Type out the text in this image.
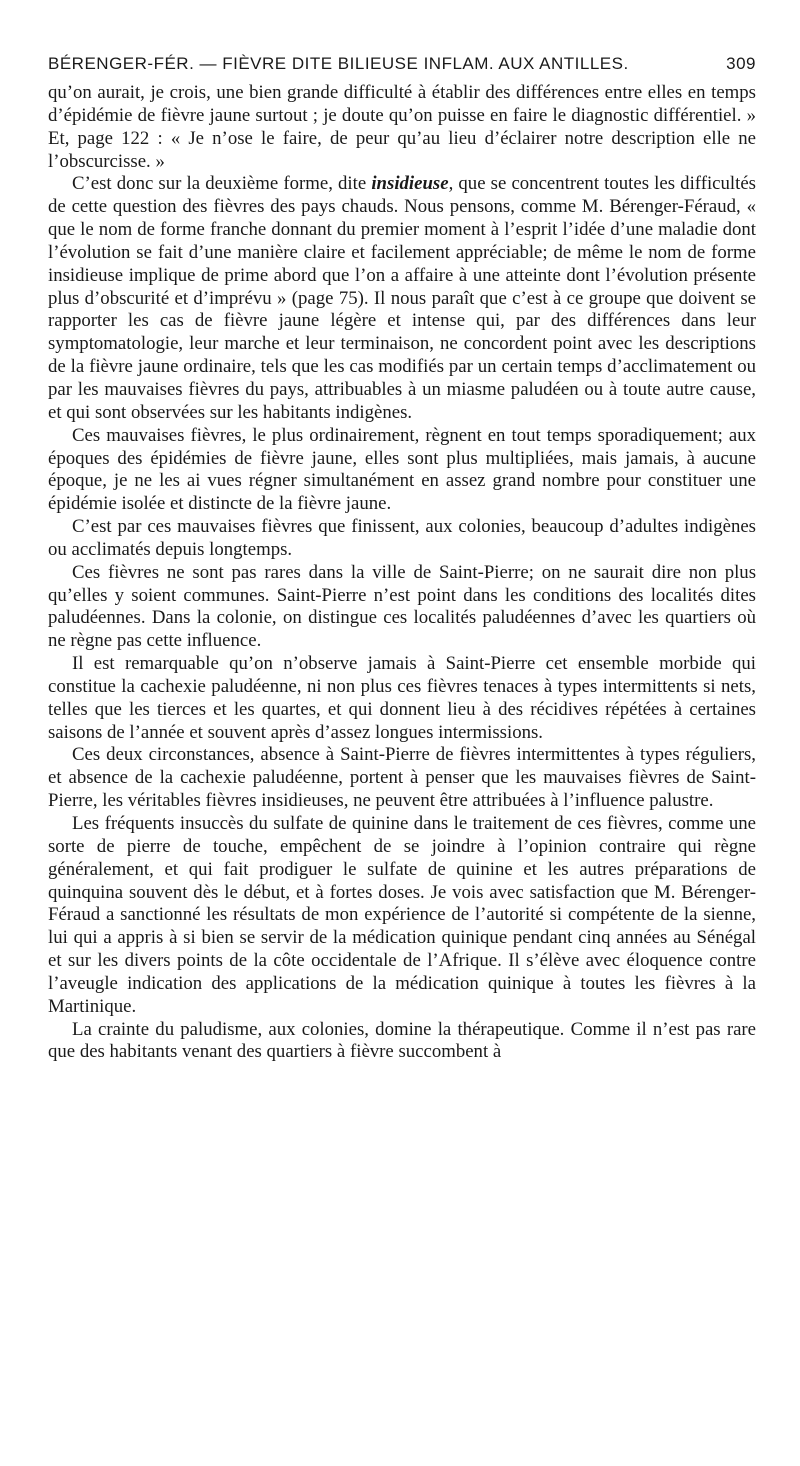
BÉRENGER-FÉR. — FIÈVRE DITE BILIEUSE INFLAM. AUX ANTILLES.	309

qu’on aurait, je crois, une bien grande difficulté à établir des différences entre elles en temps d’épidémie de fièvre jaune surtout ; je doute qu’on puisse en faire le diagnostic différentiel. » Et, page 122 : « Je n’ose le faire, de peur qu’au lieu d’éclairer notre description elle ne l’obscurcisse. »

C’est donc sur la deuxième forme, dite insidieuse, que se concentrent toutes les difficultés de cette question des fièvres des pays chauds. Nous pensons, comme M. Bérenger-Féraud, « que le nom de forme franche donnant du premier moment à l’esprit l’idée d’une maladie dont l’évolution se fait d’une manière claire et facilement appréciable; de même le nom de forme insidieuse implique de prime abord que l’on a affaire à une atteinte dont l’évolution présente plus d’obscurité et d’imprévu » (page 75). Il nous paraît que c’est à ce groupe que doivent se rapporter les cas de fièvre jaune légère et intense qui, par des différences dans leur symptomatologie, leur marche et leur terminaison, ne concordent point avec les descriptions de la fièvre jaune ordinaire, tels que les cas modifiés par un certain temps d’acclimatement ou par les mauvaises fièvres du pays, attribuables à un miasme paludéen ou à toute autre cause, et qui sont observées sur les habitants indigènes.

Ces mauvaises fièvres, le plus ordinairement, règnent en tout temps sporadiquement; aux époques des épidémies de fièvre jaune, elles sont plus multipliées, mais jamais, à aucune époque, je ne les ai vues régner simultanément en assez grand nombre pour constituer une épidémie isolée et distincte de la fièvre jaune.

C’est par ces mauvaises fièvres que finissent, aux colonies, beaucoup d’adultes indigènes ou acclimatés depuis longtemps.

Ces fièvres ne sont pas rares dans la ville de Saint-Pierre; on ne saurait dire non plus qu’elles y soient communes. Saint-Pierre n’est point dans les conditions des localités dites paludéennes. Dans la colonie, on distingue ces localités paludéennes d’avec les quartiers où ne règne pas cette influence.

Il est remarquable qu’on n’observe jamais à Saint-Pierre cet ensemble morbide qui constitue la cachexie paludéenne, ni non plus ces fièvres tenaces à types intermittents si nets, telles que les tierces et les quartes, et qui donnent lieu à des récidives répétées à certaines saisons de l’année et souvent après d’assez longues intermissions.

Ces deux circonstances, absence à Saint-Pierre de fièvres intermittentes à types réguliers, et absence de la cachexie paludéenne, portent à penser que les mauvaises fièvres de Saint-Pierre, les véritables fièvres insidieuses, ne peuvent être attribuées à l’influence palustre.

Les fréquents insuccès du sulfate de quinine dans le traitement de ces fièvres, comme une sorte de pierre de touche, empêchent de se joindre à l’opinion contraire qui règne généralement, et qui fait prodiguer le sulfate de quinine et les autres préparations de quinquina souvent dès le début, et à fortes doses. Je vois avec satisfaction que M. Bérenger-Féraud a sanctionné les résultats de mon expérience de l’autorité si compétente de la sienne, lui qui a appris à si bien se servir de la médication quinique pendant cinq années au Sénégal et sur les divers points de la côte occidentale de l’Afrique. Il s’élève avec éloquence contre l’aveugle indication des applications de la médication quinique à toutes les fièvres à la Martinique.

La crainte du paludisme, aux colonies, domine la thérapeutique. Comme il n’est pas rare que des habitants venant des quartiers à fièvre succombent à
